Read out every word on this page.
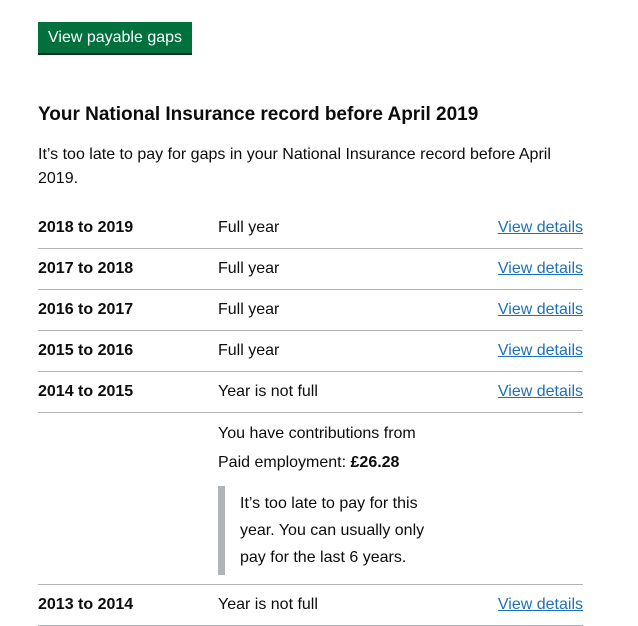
View payable gaps
Your National Insurance record before April 2019

It’s too late to pay for gaps in your National Insurance record before April 2019.

2018 to 2019	Full year	View details
2017 to 2018	Full year	View details
2016 to 2017	Full year	View details
2015 to 2016	Full year	View details
2014 to 2015	Year is not full	View details

You have contributions from

Paid employment: £26.28

It’s too late to pay for this year. You can usually only pay for the last 6 years.

2013 to 2014	Year is not full	View details
